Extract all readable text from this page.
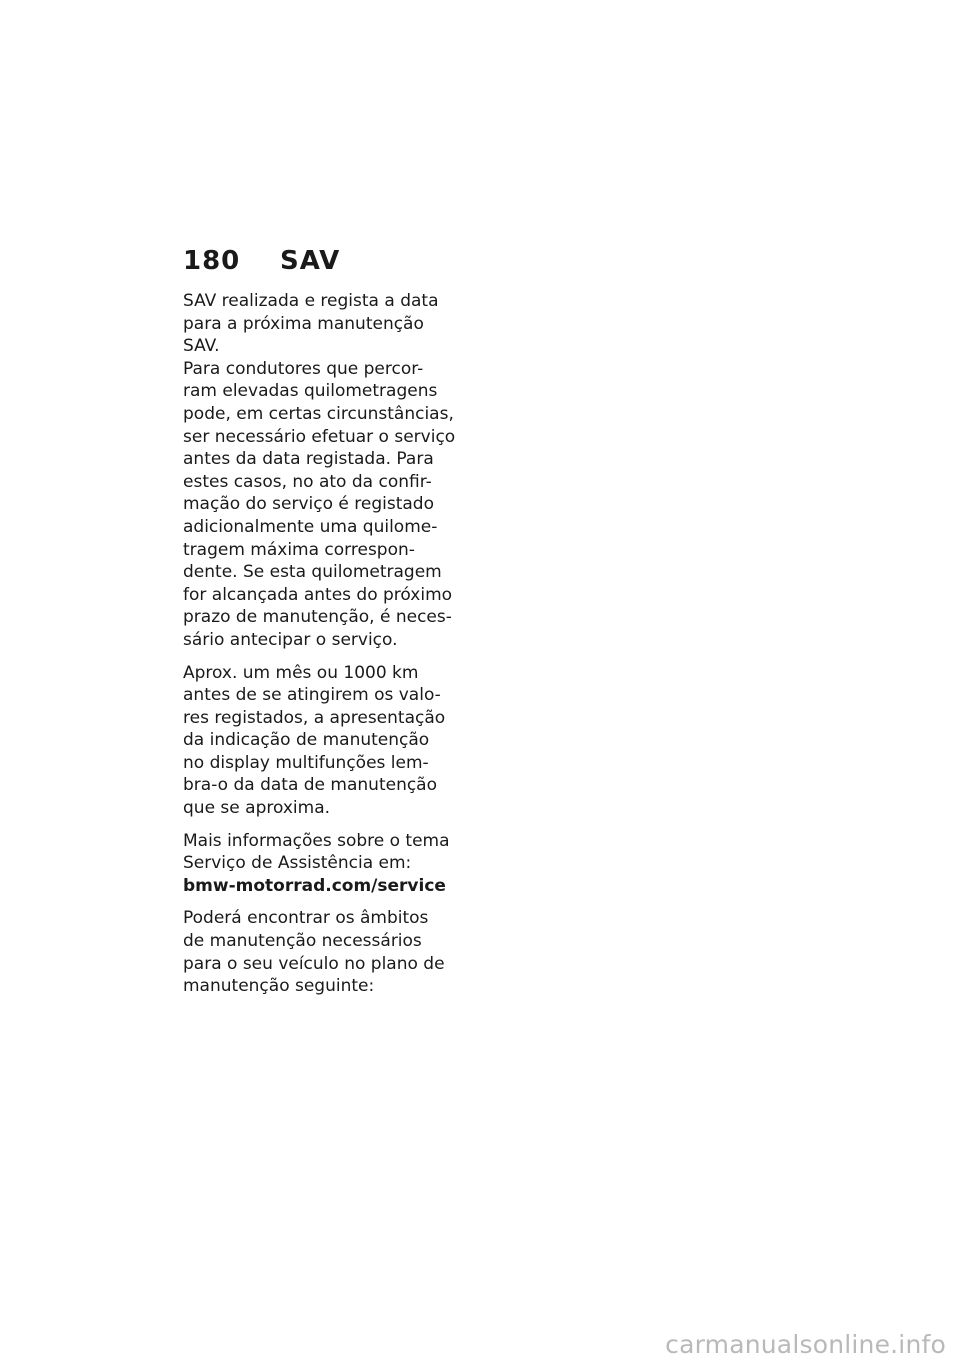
180 SAV

SAV realizada e regista a data
para a próxima manutenção
SAV.

Para condutores que percor-
ram elevadas quilometragens
pode, em certas circunstâncias,
ser necessário efetuar o serviço
antes da data registada. Para
estes casos, no ato da confir-
mação do serviço é registado
adicionalmente uma quilome-
tragem máxima correspon-
dente. Se esta quilometragem
for alcançada antes do próximo
prazo de manutenção, é neces-
sário antecipar o serviço.

Aprox. um mês ou 1000 km
antes de se atingirem os valo-
res registados, a apresentação
da indicação de manutenção
no display multifunções lem-
bra-o da data de manutenção
que se aproxima.

Mais informações sobre o tema
Serviço de Assistência em:

bmw-motorrad.com/service

Poderá encontrar os âmbitos
de manutenção necessários
para o seu veículo no plano de
manutenção seguinte:

carmanualsonline.info
